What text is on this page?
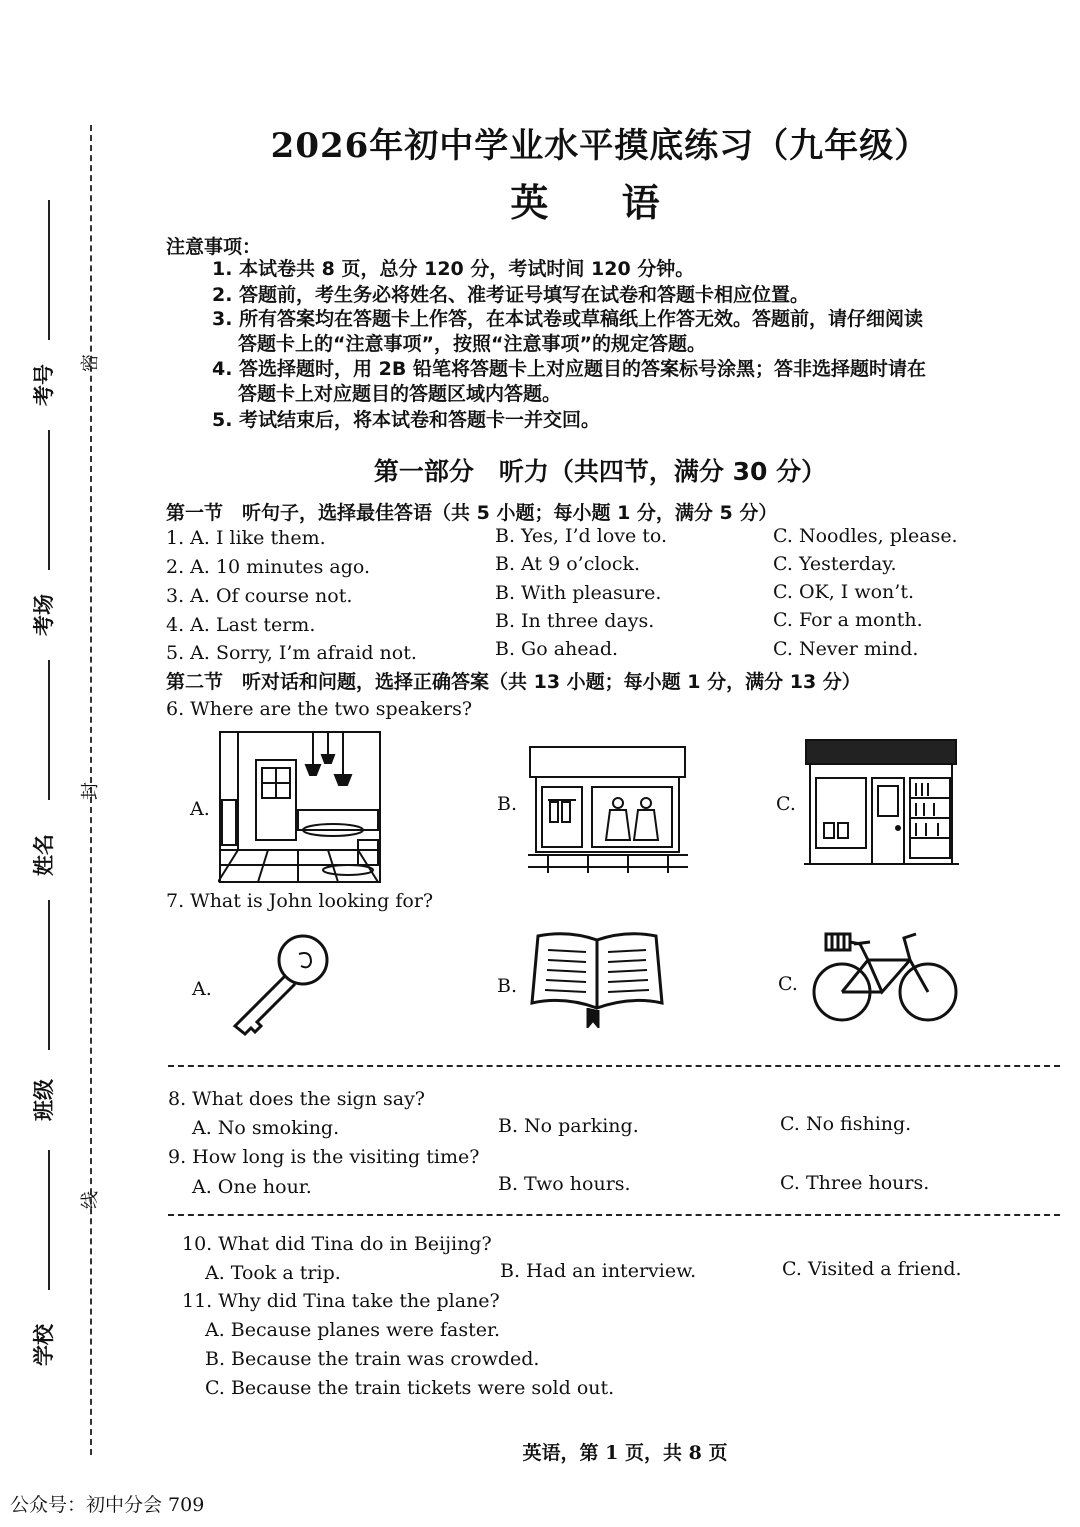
考号
考场
姓名
班级
学校
密
封
线
2026年初中学业水平摸底练习（九年级）
英 语
注意事项：
1. 本试卷共 8 页，总分 120 分，考试时间 120 分钟。
2. 答题前，考生务必将姓名、准考证号填写在试卷和答题卡相应位置。
3. 所有答案均在答题卡上作答，在本试卷或草稿纸上作答无效。答题前，请仔细阅读
答题卡上的“注意事项”，按照“注意事项”的规定答题。
4. 答选择题时，用 2B 铅笔将答题卡上对应题目的答案标号涂黑；答非选择题时请在
答题卡上对应题目的答题区域内答题。
5. 考试结束后，将本试卷和答题卡一并交回。
第一部分　听力（共四节，满分 30 分）
第一节　听句子，选择最佳答语（共 5 小题；每小题 1 分，满分 5 分）
1. A. I like them.	B. Yes, I’d love to.	C. Noodles, please.
2. A. 10 minutes ago.	B. At 9 o’clock.	C. Yesterday.
3. A. Of course not.	B. With pleasure.	C. OK, I won’t.
4. A. Last term.	B. In three days.	C. For a month.
5. A. Sorry, I’m afraid not.	B. Go ahead.	C. Never mind.
第二节　听对话和问题，选择正确答案（共 13 小题；每小题 1 分，满分 13 分）
6. Where are the two speakers?
A.	B.	C.
7. What is John looking for?
A.	B.	C.
8. What does the sign say?
A. No smoking.	B. No parking.	C. No fishing.
9. How long is the visiting time?
A. One hour.	B. Two hours.	C. Three hours.
10. What did Tina do in Beijing?
A. Took a trip.	B. Had an interview.	C. Visited a friend.
11. Why did Tina take the plane?
A. Because planes were faster.
B. Because the train was crowded.
C. Because the train tickets were sold out.
英语，第 1 页，共 8 页
公众号：初中分会 709
